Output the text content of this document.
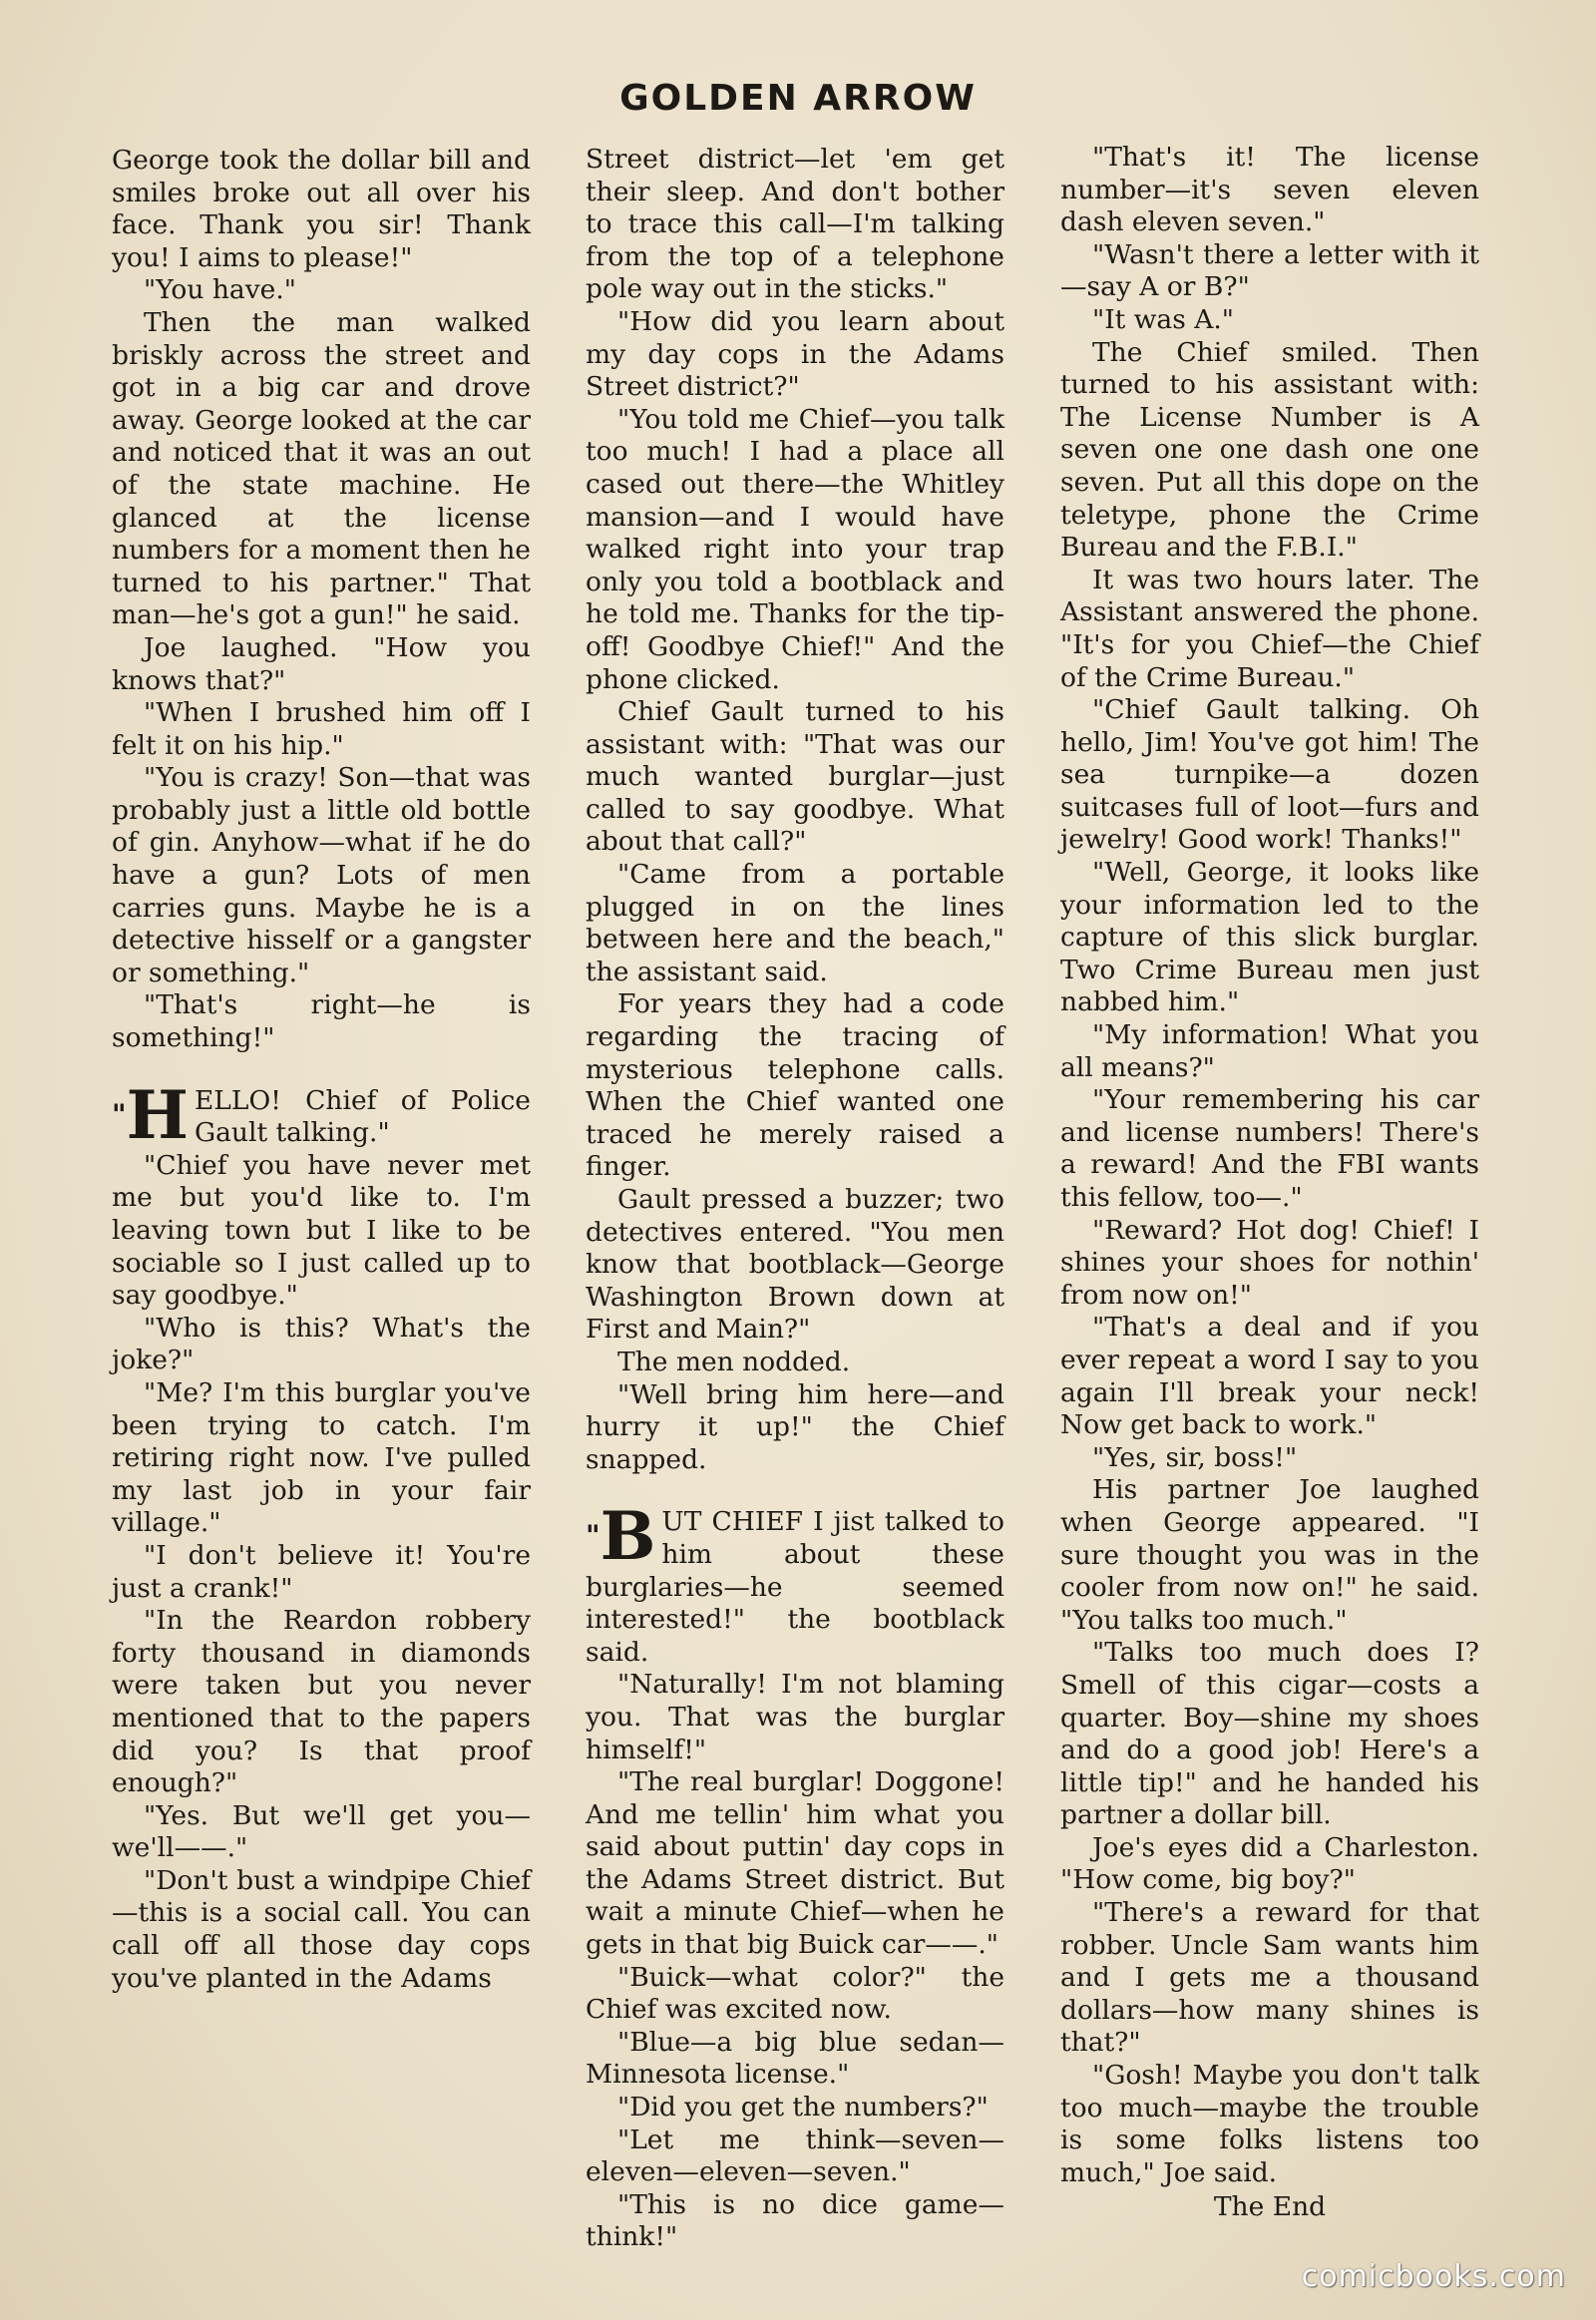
GOLDEN ARROW

George took the dollar bill and smiles broke out all over his face. Thank you sir! Thank you! I aims to please!"

"You have."

Then the man walked briskly across the street and got in a big car and drove away. George looked at the car and noticed that it was an out of the state machine. He glanced at the license numbers for a moment then he turned to his partner." That man—he's got a gun!" he said.

Joe laughed. "How you knows that?"

"When I brushed him off I felt it on his hip."

"You is crazy! Son—that was probably just a little old bottle of gin. Anyhow—what if he do have a gun? Lots of men carries guns. Maybe he is a detective hisself or a gangster or something."

"That's right—he is something!"

"H ELLO! Chief of Police Gault talking."

"Chief you have never met me but you'd like to. I'm leaving town but I like to be sociable so I just called up to say goodbye."

"Who is this? What's the joke?"

"Me? I'm this burglar you've been trying to catch. I'm retiring right now. I've pulled my last job in your fair village."

"I don't believe it! You're just a crank!"

"In the Reardon robbery forty thousand in diamonds were taken but you never mentioned that to the papers did you? Is that proof enough?"

"Yes. But we'll get you—we'll——."

"Don't bust a windpipe Chief—this is a social call. You can call off all those day cops you've planted in the Adams

Street district—let 'em get their sleep. And don't bother to trace this call—I'm talking from the top of a telephone pole way out in the sticks."

"How did you learn about my day cops in the Adams Street district?"

"You told me Chief—you talk too much! I had a place all cased out there—the Whitley mansion—and I would have walked right into your trap only you told a bootblack and he told me. Thanks for the tip-off! Goodbye Chief!" And the phone clicked.

Chief Gault turned to his assistant with: "That was our much wanted burglar—just called to say goodbye. What about that call?"

"Came from a portable plugged in on the lines between here and the beach," the assistant said.

For years they had a code regarding the tracing of mysterious telephone calls. When the Chief wanted one traced he merely raised a finger.

Gault pressed a buzzer; two detectives entered. "You men know that bootblack—George Washington Brown down at First and Main?"

The men nodded.

"Well bring him here—and hurry it up!" the Chief snapped.

"B UT CHIEF I jist talked to him about these burglaries—he seemed interested!" the bootblack said.

"Naturally! I'm not blaming you. That was the burglar himself!"

"The real burglar! Doggone! And me tellin' him what you said about puttin' day cops in the Adams Street district. But wait a minute Chief—when he gets in that big Buick car——."

"Buick—what color?" the Chief was excited now.

"Blue—a big blue sedan—Minnesota license."

"Did you get the numbers?"

"Let me think—seven—eleven—eleven—seven."

"This is no dice game—think!"

"That's it! The license number—it's seven eleven dash eleven seven."

"Wasn't there a letter with it—say A or B?"

"It was A."

The Chief smiled. Then turned to his assistant with: The License Number is A seven one one dash one one seven. Put all this dope on the teletype, phone the Crime Bureau and the F.B.I."

It was two hours later. The Assistant answered the phone. "It's for you Chief—the Chief of the Crime Bureau."

"Chief Gault talking. Oh hello, Jim! You've got him! The sea turnpike—a dozen suitcases full of loot—furs and jewelry! Good work! Thanks!"

"Well, George, it looks like your information led to the capture of this slick burglar. Two Crime Bureau men just nabbed him."

"My information! What you all means?"

"Your remembering his car and license numbers! There's a reward! And the FBI wants this fellow, too—."

"Reward? Hot dog! Chief! I shines your shoes for nothin' from now on!"

"That's a deal and if you ever repeat a word I say to you again I'll break your neck! Now get back to work."

"Yes, sir, boss!"

His partner Joe laughed when George appeared. "I sure thought you was in the cooler from now on!" he said. "You talks too much."

"Talks too much does I? Smell of this cigar—costs a quarter. Boy—shine my shoes and do a good job! Here's a little tip!" and he handed his partner a dollar bill.

Joe's eyes did a Charleston. "How come, big boy?"

"There's a reward for that robber. Uncle Sam wants him and I gets me a thousand dollars—how many shines is that?"

"Gosh! Maybe you don't talk too much—maybe the trouble is some folks listens too much," Joe said.

The End

comicbooks.com
